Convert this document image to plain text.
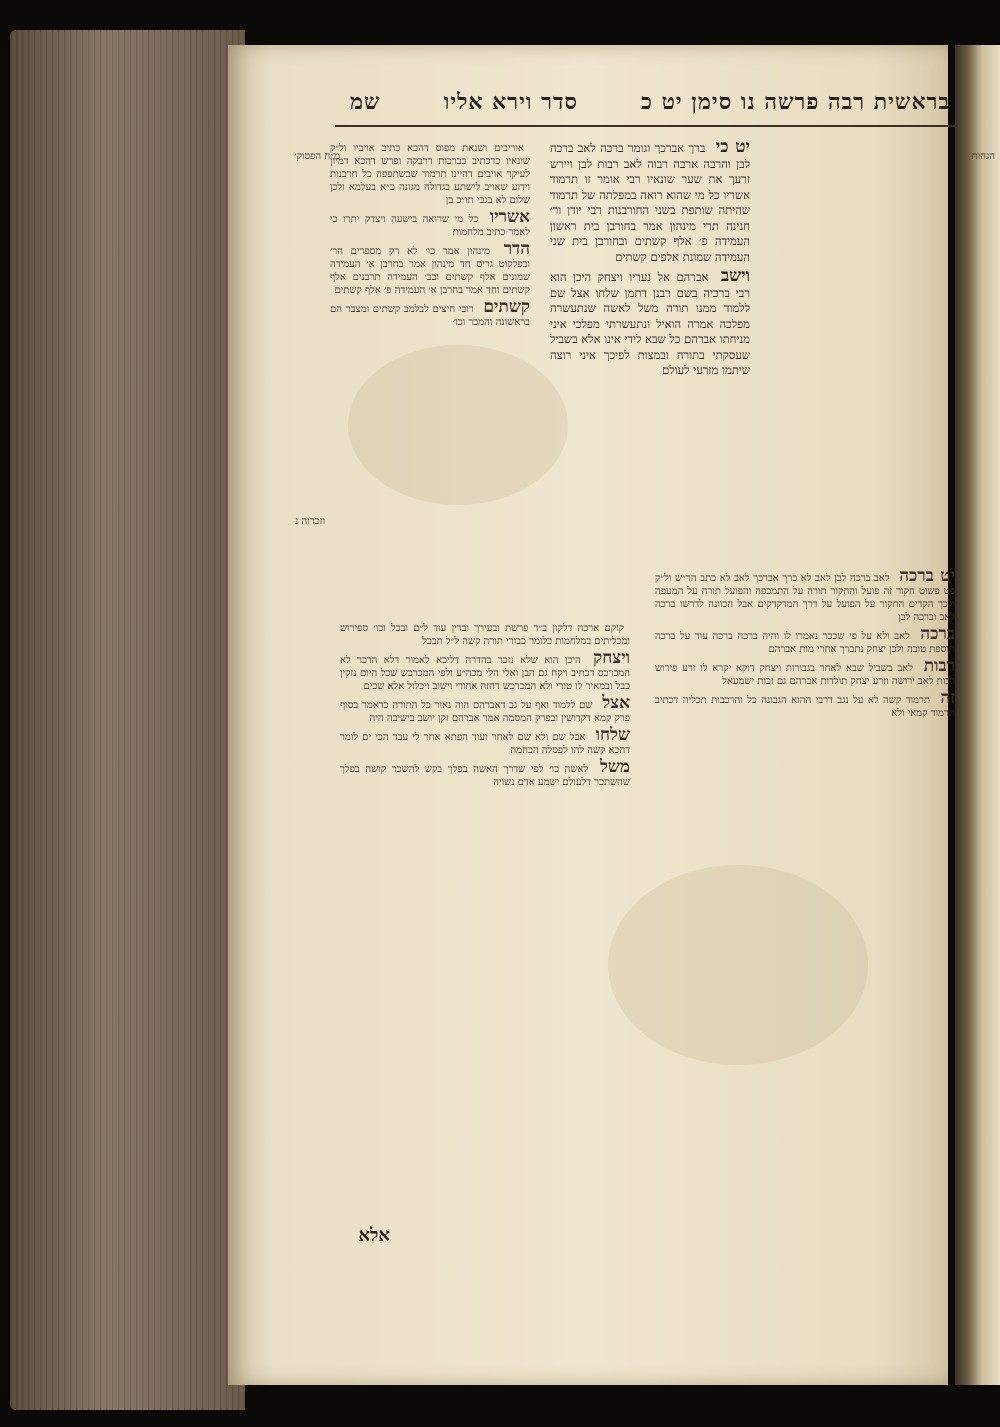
בראשית רבה פרשה נו סימן יט כ
סדר וירא אליו
שמ
מ״ח הפסוק׳	הגהות
וזכרוה נ

יט כי ברך אברכך וגומר ברכה לאב ברכה לבן והרבה ארבה רבוה לאב רבות לבן ויירש זרעך את שער שונאיו רבי אומר זו תרמוד אשריו כל מי שהוא רואה במפלתה של תרמוד שהיתה שותפת בשני החורבנות רבי יודן ור׳ חנינה תרי מינהון אמר בחורבן בית ראשון העמידה פ׳ אלף קשתים ובחורבן בית שני העמידה שמונת אלפים קשתים

וישב אברהם אל נעריו ויצחק היכן הוא רבי ברכיה בשם רבנן דתמן שלחו אצל שם ללמוד ממנו תורה משל לאשה שנתעשרה מפלכה אמרה הואיל ונתעשרתי מפלכי איני מניחתו אברהם כל שבא לידי אינו אלא בשביל שעסקתי בתורה ובמצות לפיכך איני רוצה שיתמו מזרעי לעולם

אוריבים ושנאת מפוס דהכא כתיב אויביו ול״ק שונאיו כדכתיב בברכות דרבקה ופרש דהכא דמיון לעיקר אויבים דהיינו תרמוד שבשתפפה כל חרבנות וידוע שאויב לישתע בגדולה מגונה כ״א בעלמא ולכן שלום לא בגבי תו״כ בן

אשריו כל מי שרואה בישעה ויצדק יתרו כי לאמר כתיב מלחמות

הדר מינהון אמר כו׳ לא רק מספרים הר׳ ובפלקוט גריס חד מינהון אמר בחרבן א׳ העמידה שמונים אלף קשתים ובב׳ העמידה תרבנים אלף קשתים וחד אמר בחרבן א׳ העמידה פ׳ אלף קשתים

קשתים רובי חיצים לבלמב קשתים ומצבר הם בראשונה והמכר וכו׳

יט ברכה לאב ברכה לבן לאב לא כרך אברכך לאב לא כתב הר״ש ול״ק פט פשוט חקור זה פועל והחקור תורה על התמכפה והפועל תורה על המעפה ולכך הקדים החקור על הפועל על דרך המדקדקים אבל הכוונה לדרשו ברכה לאב וברכה לבן

ברכה לאב ולא על פי שככר נאמרו לו והיה ברכה ברכה עוד על ברכה תוספת טובה ולכן יצחק נתברך אחרי מות אברהם

רבות לאב בשביל שבא לאחר בגבורות ויצחק דוקא יקרא לו זרע פירוש רבות לאב ירושה וזרע יצחק תולדות אברהם גם זכות ישמעאל

זה תרמוד קשה לא על נגב דרבי ההוא הגבונה כל והרכבות תכליה דכתיב תרמוד קמאי ולא

קוקם ארכה דלקון ב״ד פרשת ובעירך ובדין עוד ל״ם ובכל וכו׳ ספירוש ומכליתים במלחמות כלומר כבורי תורה קשה ל״ל תבכל

ויצחק היכן הוא שלא נזכר בהדרה דליכא לאמור דלא הדכר לא המכרכס דכתיב ויקח גם הבן ואלי הלי מכה״ע ולפי המכרכש שכל היום נזקין כבל ובמאיר לו טורי ולא המכרכש דהזה אחורי וישוב ויכלול אלא שכים

אצל שם ללמוד ואף על גב דאברהם הוה נאור כל התורה כדאמר בסוף פרק קמא דקדושין ובפרק המסמה אמר אברהם זקן יושב בישיבה היה

שלחו אבל שם ולא שם לאחר ועוד הפתא אחר לי עבד הכי ים לומר דהכא קשה להו לפסלה הכחמה

משל לאשה כו׳ לפי שדרך האשה בפלך בקש להשכר קושה בפלך שהשתכר דלעולם ישמע אדם נשויה

אלא
